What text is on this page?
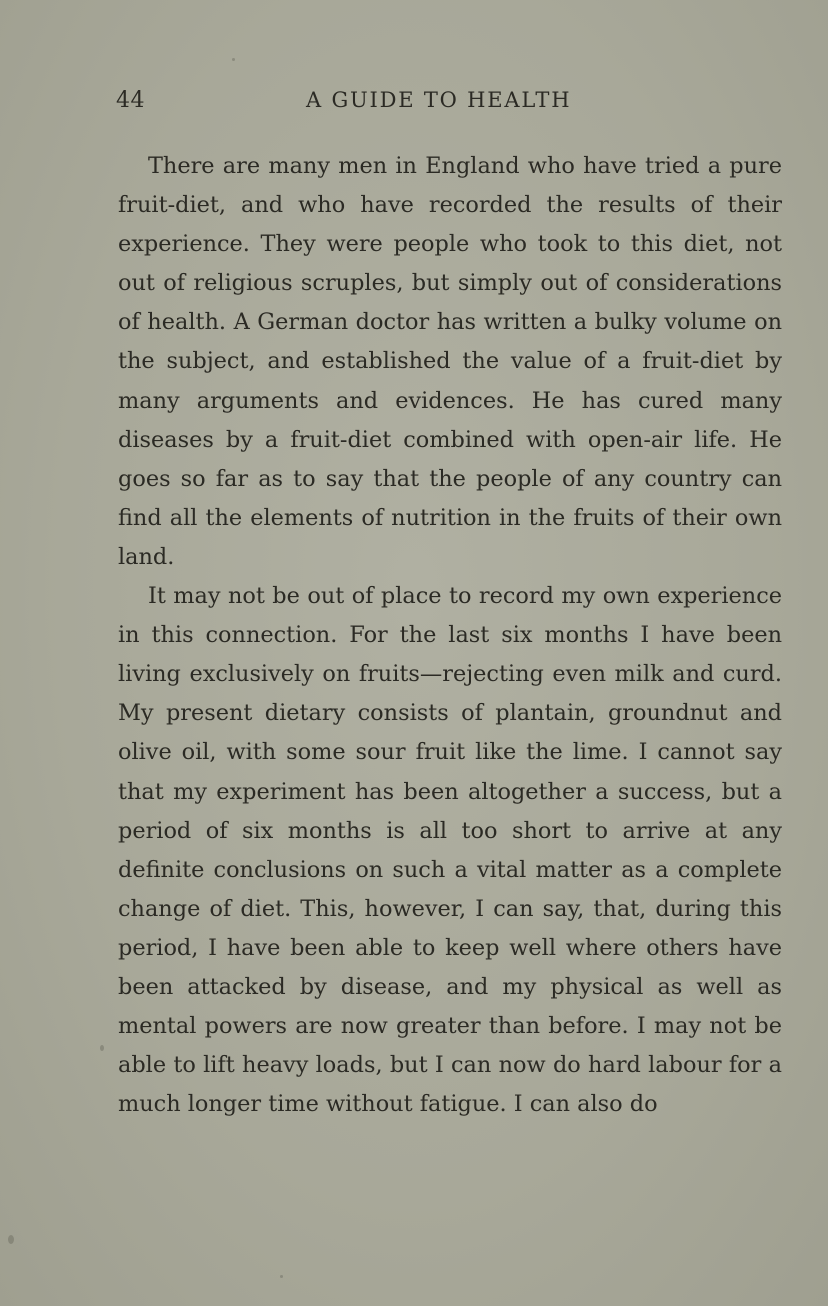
44	A GUIDE TO HEALTH

There are many men in England who have tried a pure fruit-diet, and who have recorded the results of their experience. They were people who took to this diet, not out of religious scruples, but simply out of considerations of health. A German doctor has written a bulky volume on the subject, and established the value of a fruit-diet by many arguments and evidences. He has cured many diseases by a fruit-diet combined with open-air life. He goes so far as to say that the people of any country can find all the elements of nutrition in the fruits of their own land.

It may not be out of place to record my own experience in this connection. For the last six months I have been living exclusively on fruits—rejecting even milk and curd. My present dietary consists of plantain, groundnut and olive oil, with some sour fruit like the lime. I cannot say that my experiment has been altogether a success, but a period of six months is all too short to arrive at any definite conclusions on such a vital matter as a complete change of diet. This, however, I can say, that, during this period, I have been able to keep well where others have been attacked by disease, and my physical as well as mental powers are now greater than before. I may not be able to lift heavy loads, but I can now do hard labour for a much longer time without fatigue. I can also do
